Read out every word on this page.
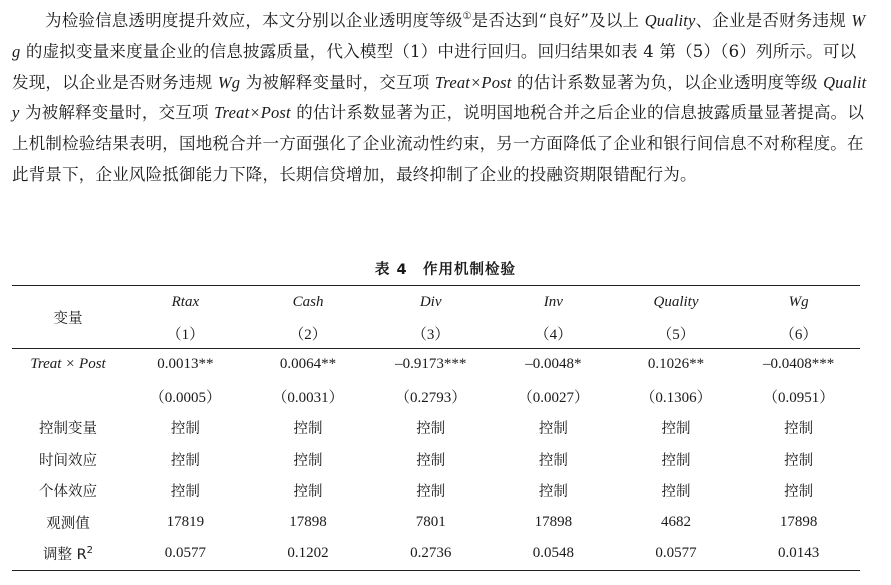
为检验信息透明度提升效应，本文分别以企业透明度等级①是否达到“良好”及以上 Quality、企业是否财务违规 Wg 的虚拟变量来度量企业的信息披露质量，代入模型（1）中进行回归。回归结果如表 4 第（5）（6）列所示。可以发现，以企业是否财务违规 Wg 为被解释变量时，交互项 Treat×Post 的估计系数显著为负，以企业透明度等级 Quality 为被解释变量时，交互项 Treat×Post 的估计系数显著为正，说明国地税合并之后企业的信息披露质量显著提高。以上机制检验结果表明，国地税合并一方面强化了企业流动性约束，另一方面降低了企业和银行间信息不对称程度。在此背景下，企业风险抵御能力下降，长期信贷增加，最终抑制了企业的投融资期限错配行为。
表 4　作用机制检验
变量	Rtax	Cash	Div	Inv	Quality	Wg
	（1）	（2）	（3）	（4）	（5）	（6）
Treat × Post	0.0013**	0.0064**	–0.9173***	–0.0048*	0.1026**	–0.0408***
	（0.0005）	（0.0031）	（0.2793）	（0.0027）	（0.1306）	（0.0951）
控制变量	控制	控制	控制	控制	控制	控制
时间效应	控制	控制	控制	控制	控制	控制
个体效应	控制	控制	控制	控制	控制	控制
观测值	17819	17898	7801	17898	4682	17898
调整 $R^2$	0.0577	0.1202	0.2736	0.0548	0.0577	0.0143
